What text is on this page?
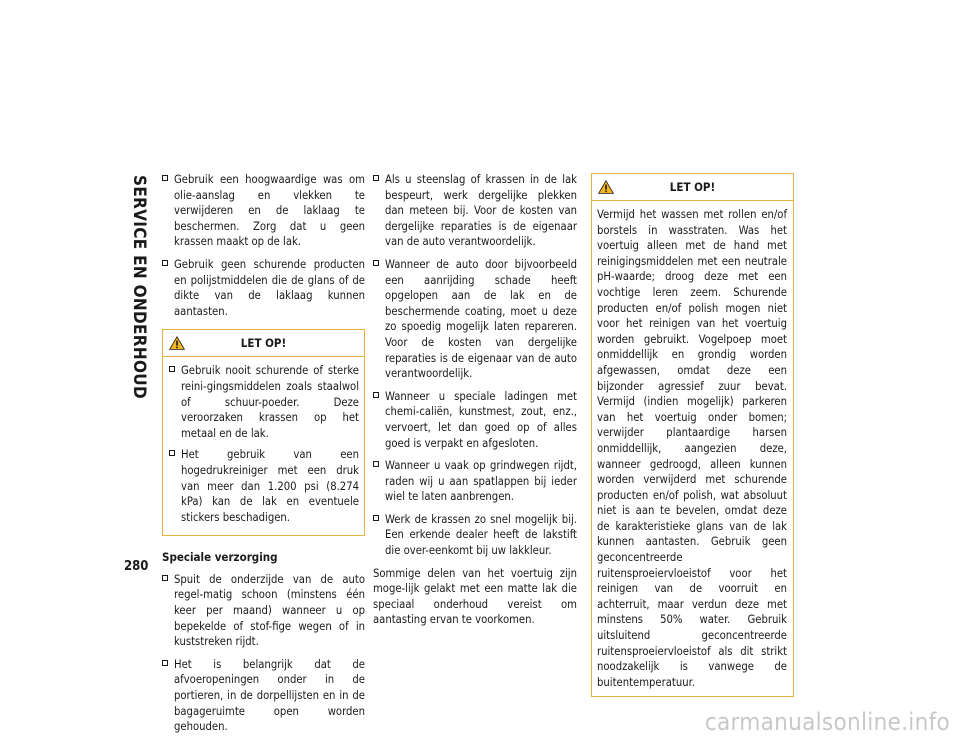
SERVICE EN ONDERHOUD
280
Gebruik een hoogwaardige was om olie-aanslag en vlekken te verwijderen en de laklaag te beschermen. Zorg dat u geen krassen maakt op de lak.
Gebruik geen schurende producten en polijstmiddelen die de glans of de dikte van de laklaag kunnen aantasten.
LET OP!
Gebruik nooit schurende of sterke reini-gingsmiddelen zoals staalwol of schuur-poeder. Deze veroorzaken krassen op het metaal en de lak.
Het gebruik van een hogedrukreiniger met een druk van meer dan 1.200 psi (8.274 kPa) kan de lak en eventuele stickers beschadigen.
Speciale verzorging
Spuit de onderzijde van de auto regel-matig schoon (minstens één keer per maand) wanneer u op bepekelde of stof-fige wegen of in kuststreken rijdt.
Het is belangrijk dat de afvoeropeningen onder in de portieren, in de dorpellijsten en in de bagageruimte open worden gehouden.
Als u steenslag of krassen in de lak bespeurt, werk dergelijke plekken dan meteen bij. Voor de kosten van dergelijke reparaties is de eigenaar van de auto verantwoordelijk.
Wanneer de auto door bijvoorbeeld een aanrijding schade heeft opgelopen aan de lak en de beschermende coating, moet u deze zo spoedig mogelijk laten repareren. Voor de kosten van dergelijke reparaties is de eigenaar van de auto verantwoordelijk.
Wanneer u speciale ladingen met chemi-caliën, kunstmest, zout, enz., vervoert, let dan goed op of alles goed is verpakt en afgesloten.
Wanneer u vaak op grindwegen rijdt, raden wij u aan spatlappen bij ieder wiel te laten aanbrengen.
Werk de krassen zo snel mogelijk bij. Een erkende dealer heeft de lakstift die over-eenkomt bij uw lakkleur.

Sommige delen van het voertuig zijn moge-lijk gelakt met een matte lak die speciaal onderhoud vereist om aantasting ervan te voorkomen.

LET OP!
Vermijd het wassen met rollen en/of borstels in wasstraten. Was het voertuig alleen met de hand met reinigingsmiddelen met een neutrale pH-waarde; droog deze met een vochtige leren zeem. Schurende producten en/of polish mogen niet voor het reinigen van het voertuig worden gebruikt. Vogelpoep moet onmiddellijk en grondig worden afgewassen, omdat deze een bijzonder agressief zuur bevat. Vermijd (indien mogelijk) parkeren van het voertuig onder bomen; verwijder plantaardige harsen onmiddellijk, aangezien deze, wanneer gedroogd, alleen kunnen worden verwijderd met schurende producten en/of polish, wat absoluut niet is aan te bevelen, omdat deze de karakteristieke glans van de lak kunnen aantasten. Gebruik geen geconcentreerde ruitensproeiervloeistof voor het reinigen van de voorruit en achterruit, maar verdun deze met minstens 50% water. Gebruik uitsluitend geconcentreerde ruitensproeiervloeistof als dit strikt noodzakelijk is vanwege de buitentemperatuur.
carmanualsonline.info
